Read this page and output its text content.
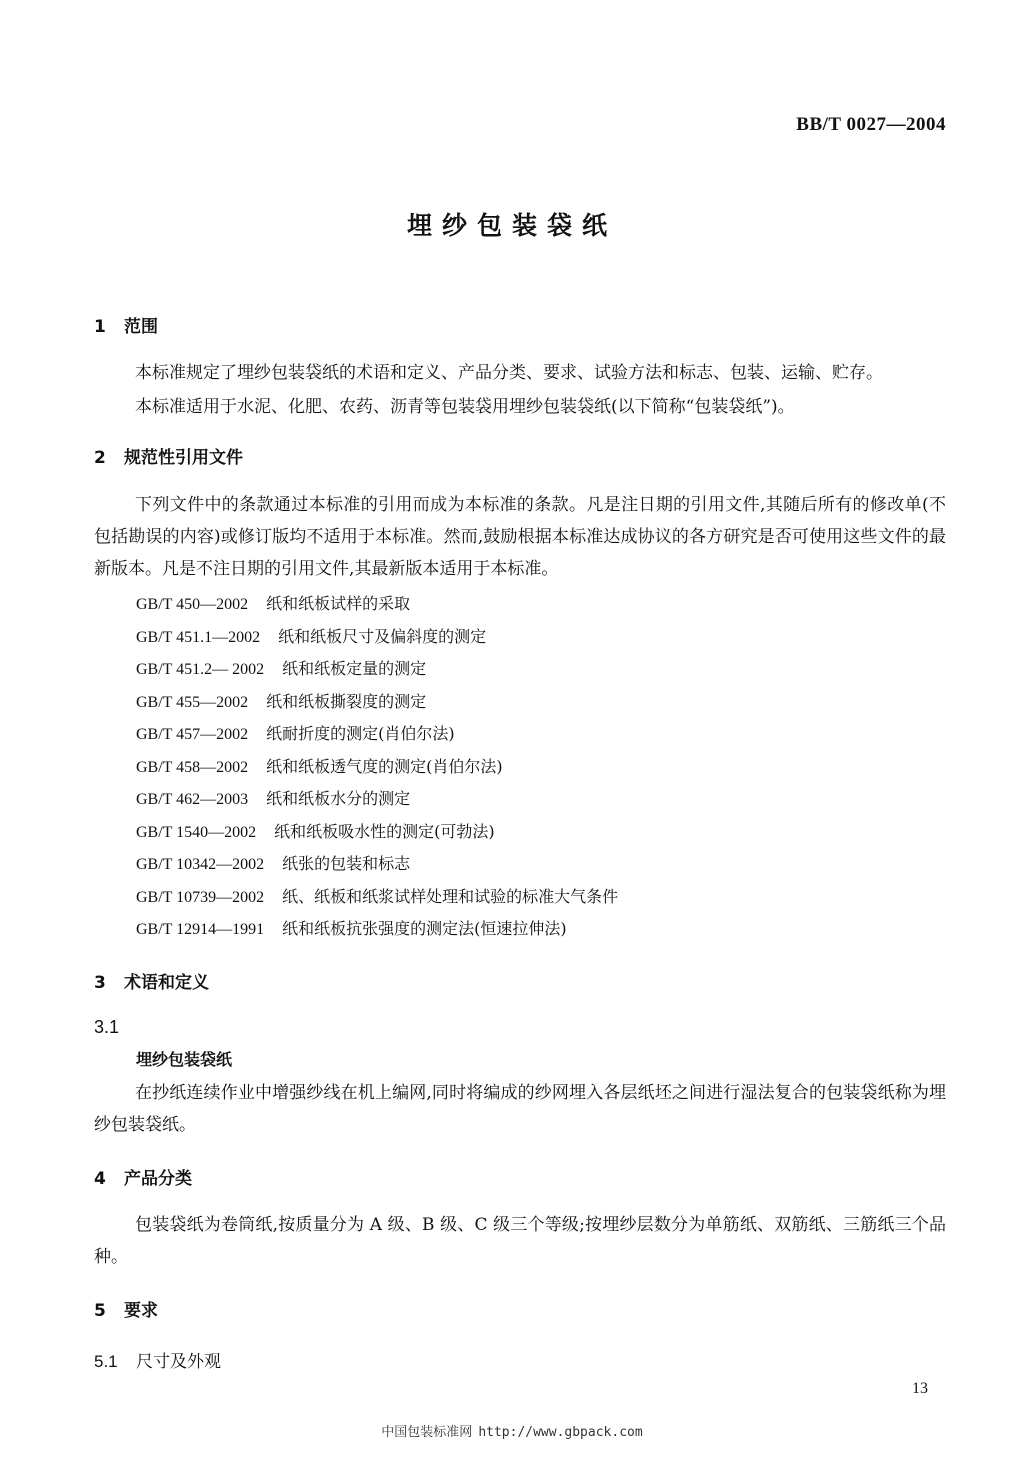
BB/T 0027—2004
埋纱包装袋纸
1 范围

本标准规定了埋纱包装袋纸的术语和定义、产品分类、要求、试验方法和标志、包装、运输、贮存。

本标准适用于水泥、化肥、农药、沥青等包装袋用埋纱包装袋纸(以下简称“包装袋纸”)。

2 规范性引用文件

下列文件中的条款通过本标准的引用而成为本标准的条款。凡是注日期的引用文件,其随后所有的修改单(不包括勘误的内容)或修订版均不适用于本标准。然而,鼓励根据本标准达成协议的各方研究是否可使用这些文件的最新版本。凡是不注日期的引用文件,其最新版本适用于本标准。

GB/T 450—2002 纸和纸板试样的采取
GB/T 451.1—2002 纸和纸板尺寸及偏斜度的测定
GB/T 451.2— 2002 纸和纸板定量的测定
GB/T 455—2002 纸和纸板撕裂度的测定
GB/T 457—2002 纸耐折度的测定(肖伯尔法)
GB/T 458—2002 纸和纸板透气度的测定(肖伯尔法)
GB/T 462—2003 纸和纸板水分的测定
GB/T 1540—2002 纸和纸板吸水性的测定(可勃法)
GB/T 10342—2002 纸张的包装和标志
GB/T 10739—2002 纸、纸板和纸浆试样处理和试验的标准大气条件
GB/T 12914—1991 纸和纸板抗张强度的测定法(恒速拉伸法)
3 术语和定义
3.1
埋纱包装袋纸

在抄纸连续作业中增强纱线在机上编网,同时将编成的纱网埋入各层纸坯之间进行湿法复合的包装袋纸称为埋纱包装袋纸。

4 产品分类

包装袋纸为卷筒纸,按质量分为 A 级、B 级、C 级三个等级;按埋纱层数分为单筋纸、双筋纸、三筋纸三个品种。

5 要求
5.1 尺寸及外观
13
中国包装标准网 http://www.gbpack.com
